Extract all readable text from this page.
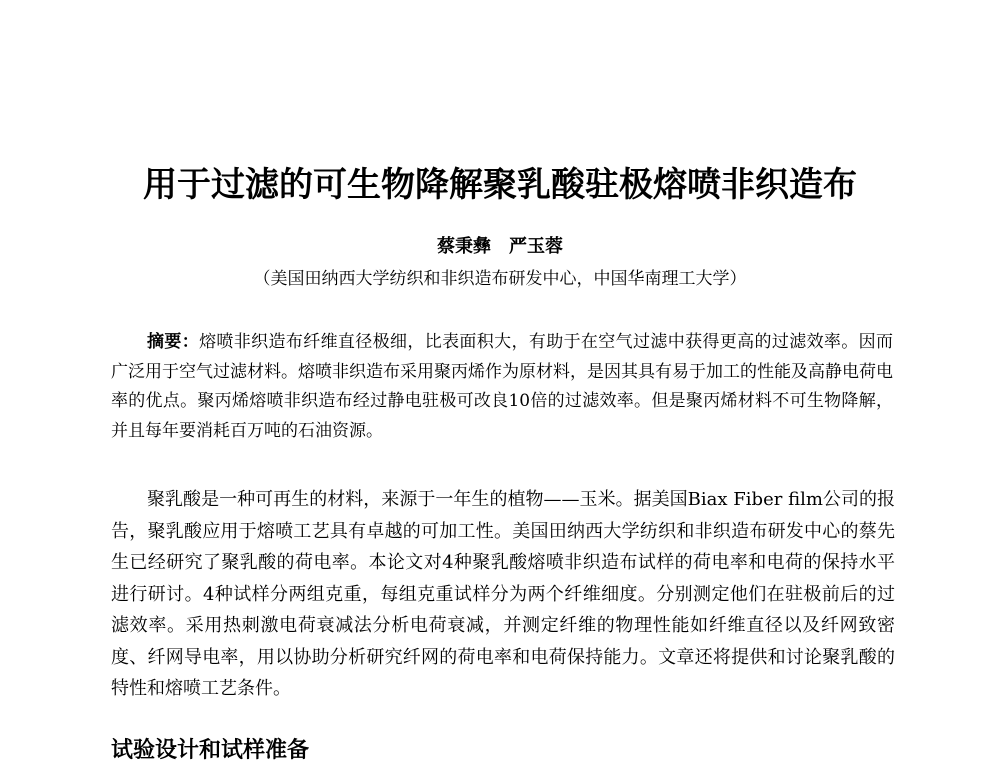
用于过滤的可生物降解聚乳酸驻极熔喷非织造布
蔡秉彝　严玉蓉
（美国田纳西大学纺织和非织造布研发中心，中国华南理工大学）

摘要：熔喷非织造布纤维直径极细，比表面积大，有助于在空气过滤中获得更高的过滤效率。因而广泛用于空气过滤材料。熔喷非织造布采用聚丙烯作为原材料，是因其具有易于加工的性能及高静电荷电率的优点。聚丙烯熔喷非织造布经过静电驻极可改良10倍的过滤效率。但是聚丙烯材料不可生物降解，并且每年要消耗百万吨的石油资源。

聚乳酸是一种可再生的材料，来源于一年生的植物——玉米。据美国Biax Fiber film公司的报告，聚乳酸应用于熔喷工艺具有卓越的可加工性。美国田纳西大学纺织和非织造布研发中心的蔡先生已经研究了聚乳酸的荷电率。本论文对4种聚乳酸熔喷非织造布试样的荷电率和电荷的保持水平进行研讨。4种试样分两组克重，每组克重试样分为两个纤维细度。分别测定他们在驻极前后的过滤效率。采用热刺激电荷衰减法分析电荷衰减，并测定纤维的物理性能如纤维直径以及纤网致密度、纤网导电率，用以协助分析研究纤网的荷电率和电荷保持能力。文章还将提供和讨论聚乳酸的特性和熔喷工艺条件。

试验设计和试样准备
